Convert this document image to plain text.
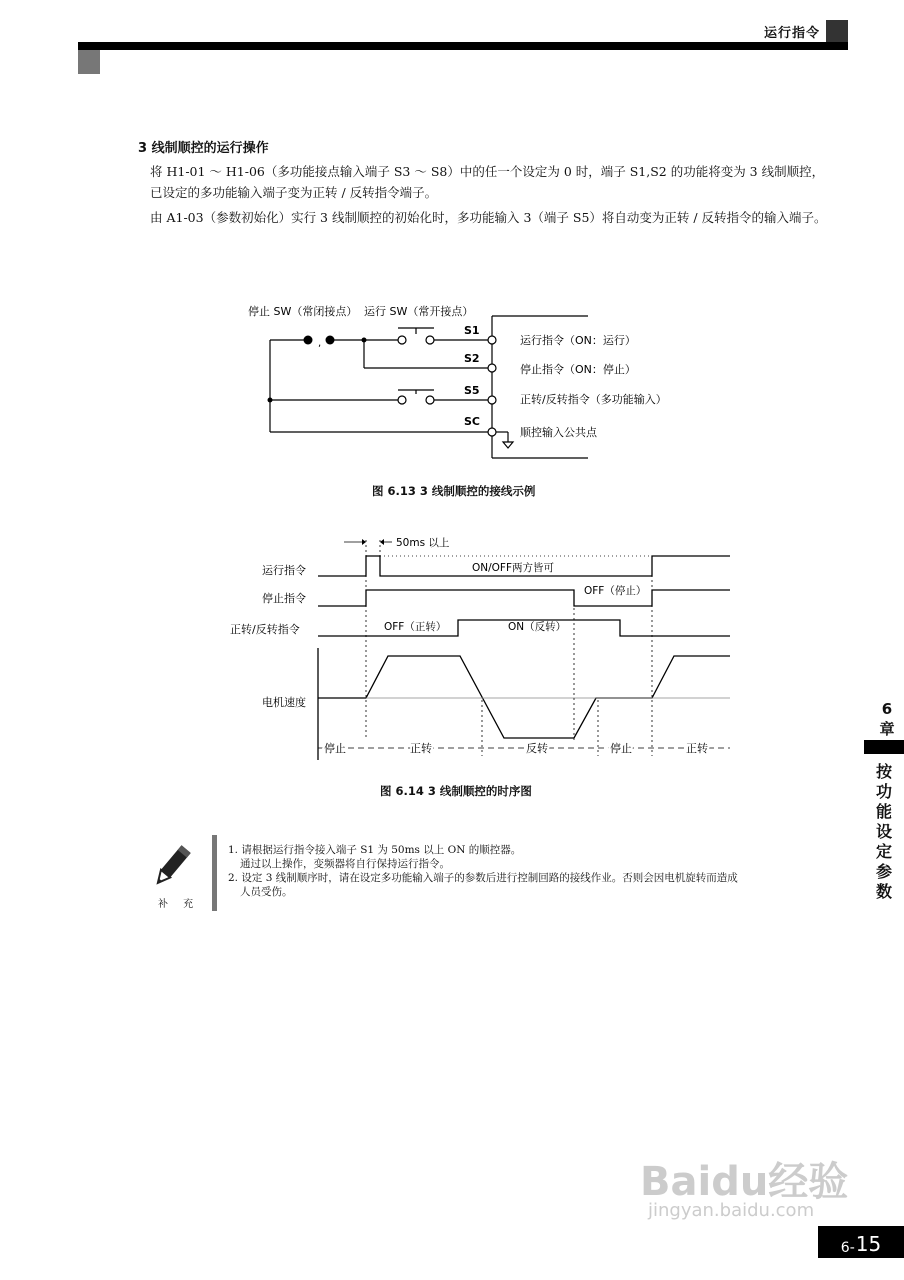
运行指令
3 线制顺控的运行操作
将 H1-01 ～ H1-06（多功能接点输入端子 S3 ～ S8）中的任一个设定为 0 时，端子 S1,S2 的功能将变为 3 线制顺控，已设定的多功能输入端子变为正转 / 反转指令端子。
由 A1-03（参数初始化）实行 3 线制顺控的初始化时，多功能输入 3（端子 S5）将自动变为正转 / 反转指令的输入端子。
,
停止 SW（常闭接点） 运行 SW（常开接点）
S1
S2
S5
SC
运行指令（ON：运行）
停止指令（ON：停止）
正转/反转指令（多功能输入）
顺控输入公共点
50ms 以上
运行指令
停止指令
正转/反转指令
电机速度
ON/OFF两方皆可
OFF（停止）
OFF（正转）	ON（反转）
停止	正转	反转	停止	正转
图 6.13 3 线制顺控的接线示例
图 6.14 3 线制顺控的时序图
补 充
1. 请根据运行指令接入端子 S1 为 50ms 以上 ON 的顺控器。
通过以上操作，变频器将自行保持运行指令。
2. 设定 3 线制顺序时，请在设定多功能输入端子的参数后进行控制回路的接线作业。否则会因电机旋转而造成
人员受伤。
6
章
按功能设定参数
Baidu经验
jingyan.baidu.com
6- 15
